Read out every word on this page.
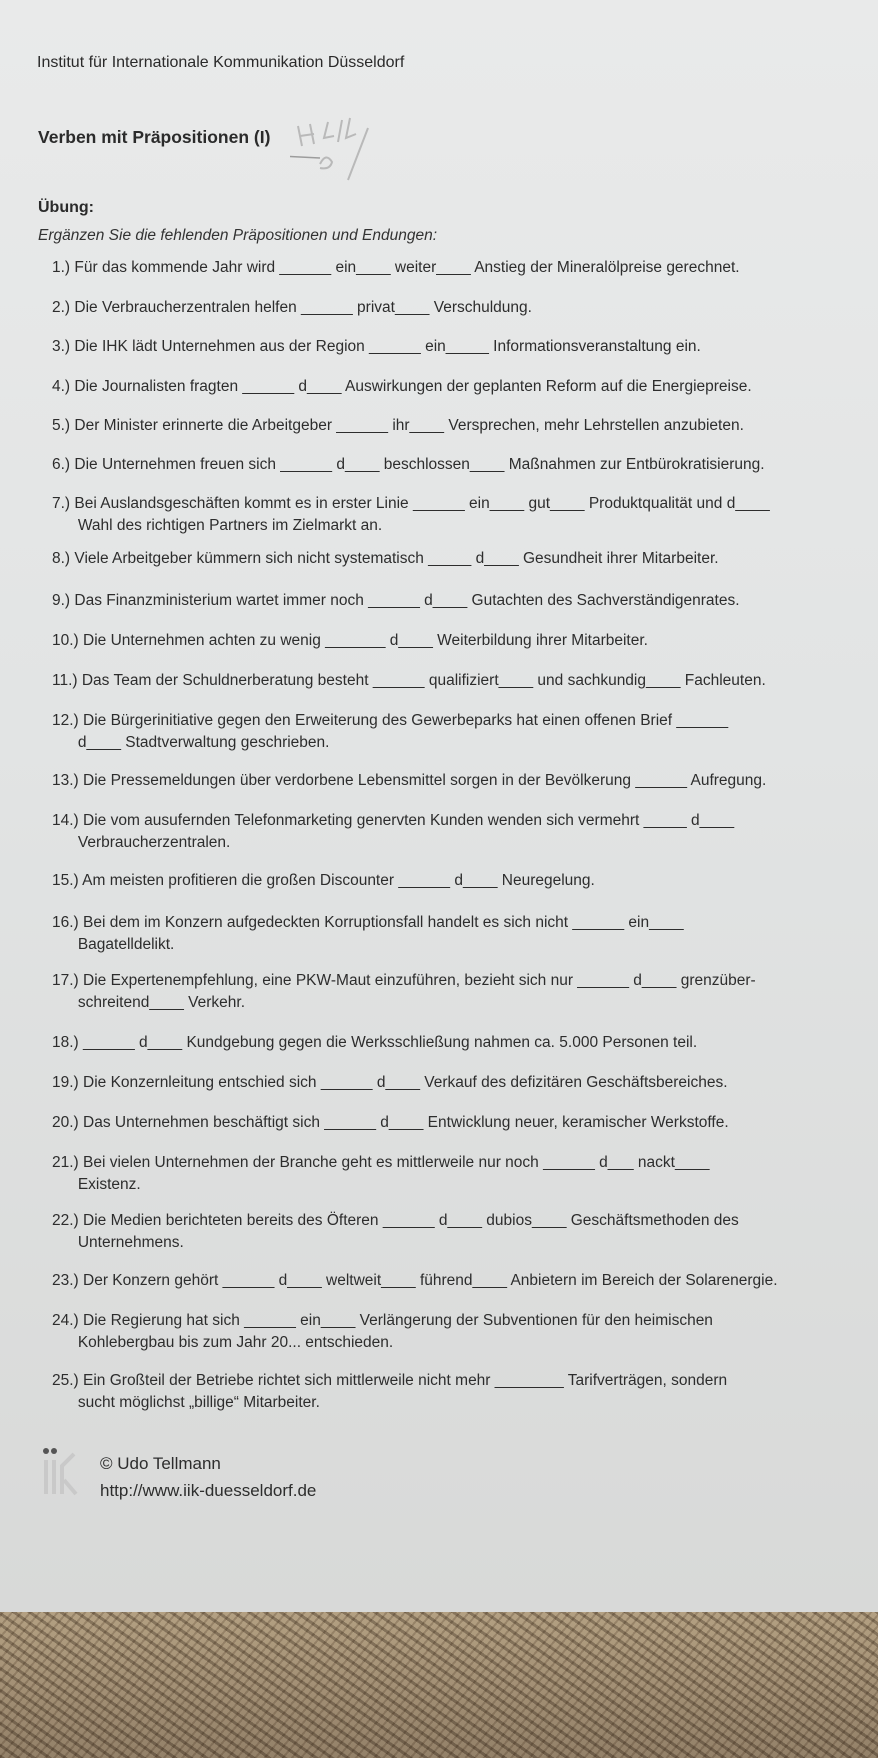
Institut für Internationale Kommunikation Düsseldorf
Verben mit Präpositionen (I)
Übung:
Ergänzen Sie die fehlenden Präpositionen und Endungen:
1.) Für das kommende Jahr wird ______ ein____ weiter____ Anstieg der Mineralölpreise gerechnet.
2.) Die Verbraucherzentralen helfen ______ privat____ Verschuldung.
3.) Die IHK lädt Unternehmen aus der Region ______ ein_____ Informationsveranstaltung ein.
4.) Die Journalisten fragten ______ d____ Auswirkungen der geplanten Reform auf die Energiepreise.
5.) Der Minister erinnerte die Arbeitgeber ______ ihr____ Versprechen, mehr Lehrstellen anzubieten.
6.) Die Unternehmen freuen sich ______ d____ beschlossen____ Maßnahmen zur Entbürokratisierung.
7.) Bei Auslandsgeschäften kommt es in erster Linie ______ ein____ gut____ Produktqualität und d____
Wahl des richtigen Partners im Zielmarkt an.
8.) Viele Arbeitgeber kümmern sich nicht systematisch _____ d____ Gesundheit ihrer Mitarbeiter.
9.) Das Finanzministerium wartet immer noch ______ d____ Gutachten des Sachverständigenrates.
10.) Die Unternehmen achten zu wenig _______ d____ Weiterbildung ihrer Mitarbeiter.
11.) Das Team der Schuldnerberatung besteht ______ qualifiziert____ und sachkundig____ Fachleuten.
12.) Die Bürgerinitiative gegen den Erweiterung des Gewerbeparks hat einen offenen Brief ______
d____ Stadtverwaltung geschrieben.
13.) Die Pressemeldungen über verdorbene Lebensmittel sorgen in der Bevölkerung ______ Aufregung.
14.) Die vom ausufernden Telefonmarketing genervten Kunden wenden sich vermehrt _____ d____
Verbraucherzentralen.
15.) Am meisten profitieren die großen Discounter ______ d____ Neuregelung.
16.) Bei dem im Konzern aufgedeckten Korruptionsfall handelt es sich nicht ______ ein____
Bagatelldelikt.
17.) Die Expertenempfehlung, eine PKW-Maut einzuführen, bezieht sich nur ______ d____ grenzüber-
schreitend____ Verkehr.
18.) ______ d____ Kundgebung gegen die Werksschließung nahmen ca. 5.000 Personen teil.
19.) Die Konzernleitung entschied sich ______ d____ Verkauf des defizitären Geschäftsbereiches.
20.) Das Unternehmen beschäftigt sich ______ d____ Entwicklung neuer, keramischer Werkstoffe.
21.) Bei vielen Unternehmen der Branche geht es mittlerweile nur noch ______ d___ nackt____
Existenz.
22.) Die Medien berichteten bereits des Öfteren ______ d____ dubios____ Geschäftsmethoden des
Unternehmens.
23.) Der Konzern gehört ______ d____ weltweit____ führend____ Anbietern im Bereich der Solarenergie.
24.) Die Regierung hat sich ______ ein____ Verlängerung der Subventionen für den heimischen
Kohlebergbau bis zum Jahr 20... entschieden.
25.) Ein Großteil der Betriebe richtet sich mittlerweile nicht mehr ________ Tarifverträgen, sondern
sucht möglichst „billige“ Mitarbeiter.
© Udo Tellmann
http://www.iik-duesseldorf.de
